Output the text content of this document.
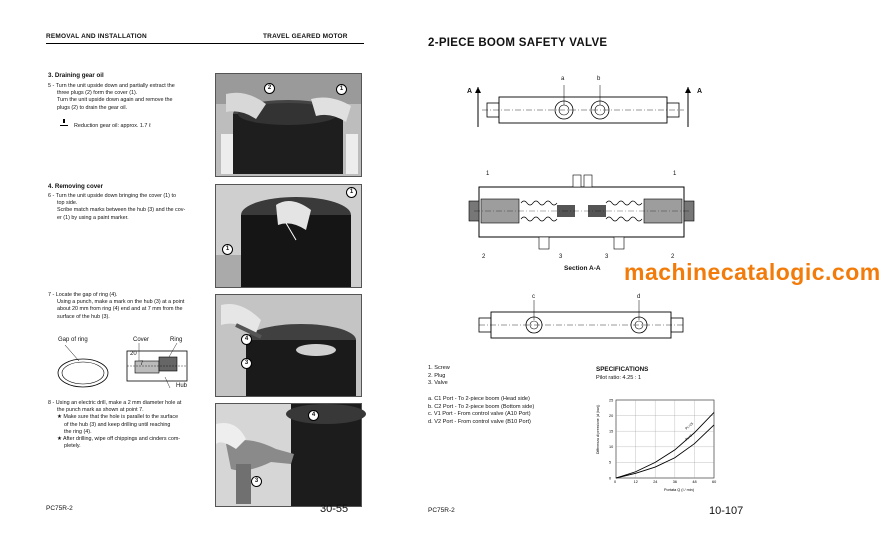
REMOVAL AND INSTALLATION	TRAVEL GEARED MOTOR
3. Draining gear oil
5 - Turn the unit upside down and partially extract the
three plugs (2) form the cover (1).
Turn the unit upside down again and remove the
plugs (2) to drain the gear oil.
Reduction gear oil: approx. 1.7 ℓ
2	1
4. Removing cover
6 - Turn the unit upside down bringing the cover (1) to
top side.
Scribe match marks between the hub (3) and the cov-
er (1) by using a paint marker.
1
1
7 - Locate the gap of ring (4).
Using a punch, make a mark on the hub (3) at a point
about 20 mm from ring (4) end and at 7 mm from the
surface of the hub (3).
Gap of ring	Cover	Ring
20
7
Hub
4
3
8 - Using an electric drill, make a 2 mm diameter hole at
the punch mark as shown at point 7.
★ Make sure that the hole is parallel to the surface
of the hub (3) and keep drilling until reaching
the ring (4).
★ After drilling, wipe off chippings and cinders com-
pletely.
4
3
PC75R-2	30-55
2-PIECE BOOM SAFETY VALVE
a	b
A	A
1	1
2	3	3	2
Section A-A machinecatalogic.com
c	d
1. Screw
2. Plug
3. Valve
a. C1 Port - To 2-piece boom (Head side)
b. C2 Port - To 2-piece boom (Bottom side)
c. V1 Port - From control valve (A10 Port)
d. V2 Port - From control valve (B10 Port)
SPECIFICATIONS
Pilot ratio: 4.25 : 1
PL=0
PL=25
0	12	24	36	48	60
0
5
10
15
20
25
Differenza di pressione (d (bar))
Portata Q (l / min)
PC75R-2	10-107
